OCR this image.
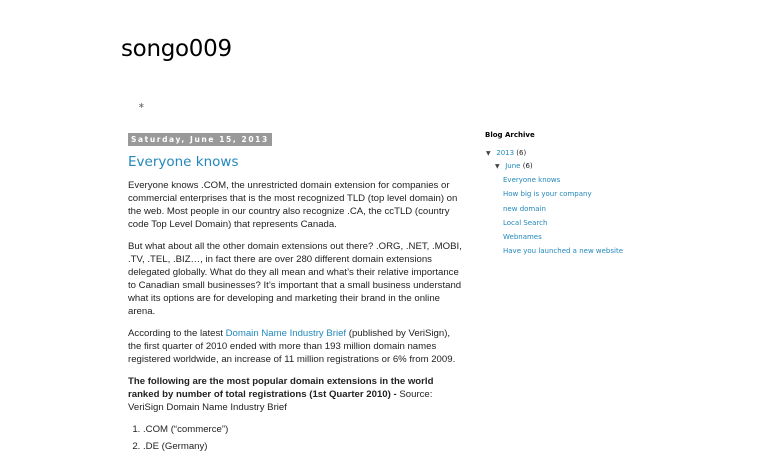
songo009
∗
Saturday, June 15, 2013
Everyone knows

Everyone knows .COM, the unrestricted domain extension for companies or commercial enterprises that is the most recognized TLD (top level domain) on the web. Most people in our country also recognize .CA, the ccTLD (country code Top Level Domain) that represents Canada.

But what about all the other domain extensions out there? .ORG, .NET, .MOBI, .TV, .TEL, .BIZ…, in fact there are over 280 different domain extensions delegated globally. What do they all mean and what’s their relative importance to Canadian small businesses? It’s important that a small business understand what its options are for developing and marketing their brand in the online arena.

According to the latest Domain Name Industry Brief (published by VeriSign), the first quarter of 2010 ended with more than 193 million domain names registered worldwide, an increase of 11 million registrations or 6% from 2009.

The following are the most popular domain extensions in the world ranked by number of total registrations (1st Quarter 2010) - Source: VeriSign Domain Name Industry Brief

1. .COM (“commerce”)
2. .DE (Germany)
Blog Archive
▼ 2013 (6)
▼ June (6)
Everyone knows
How big is your company
new domain
Local Search
Webnames
Have you launched a new website
